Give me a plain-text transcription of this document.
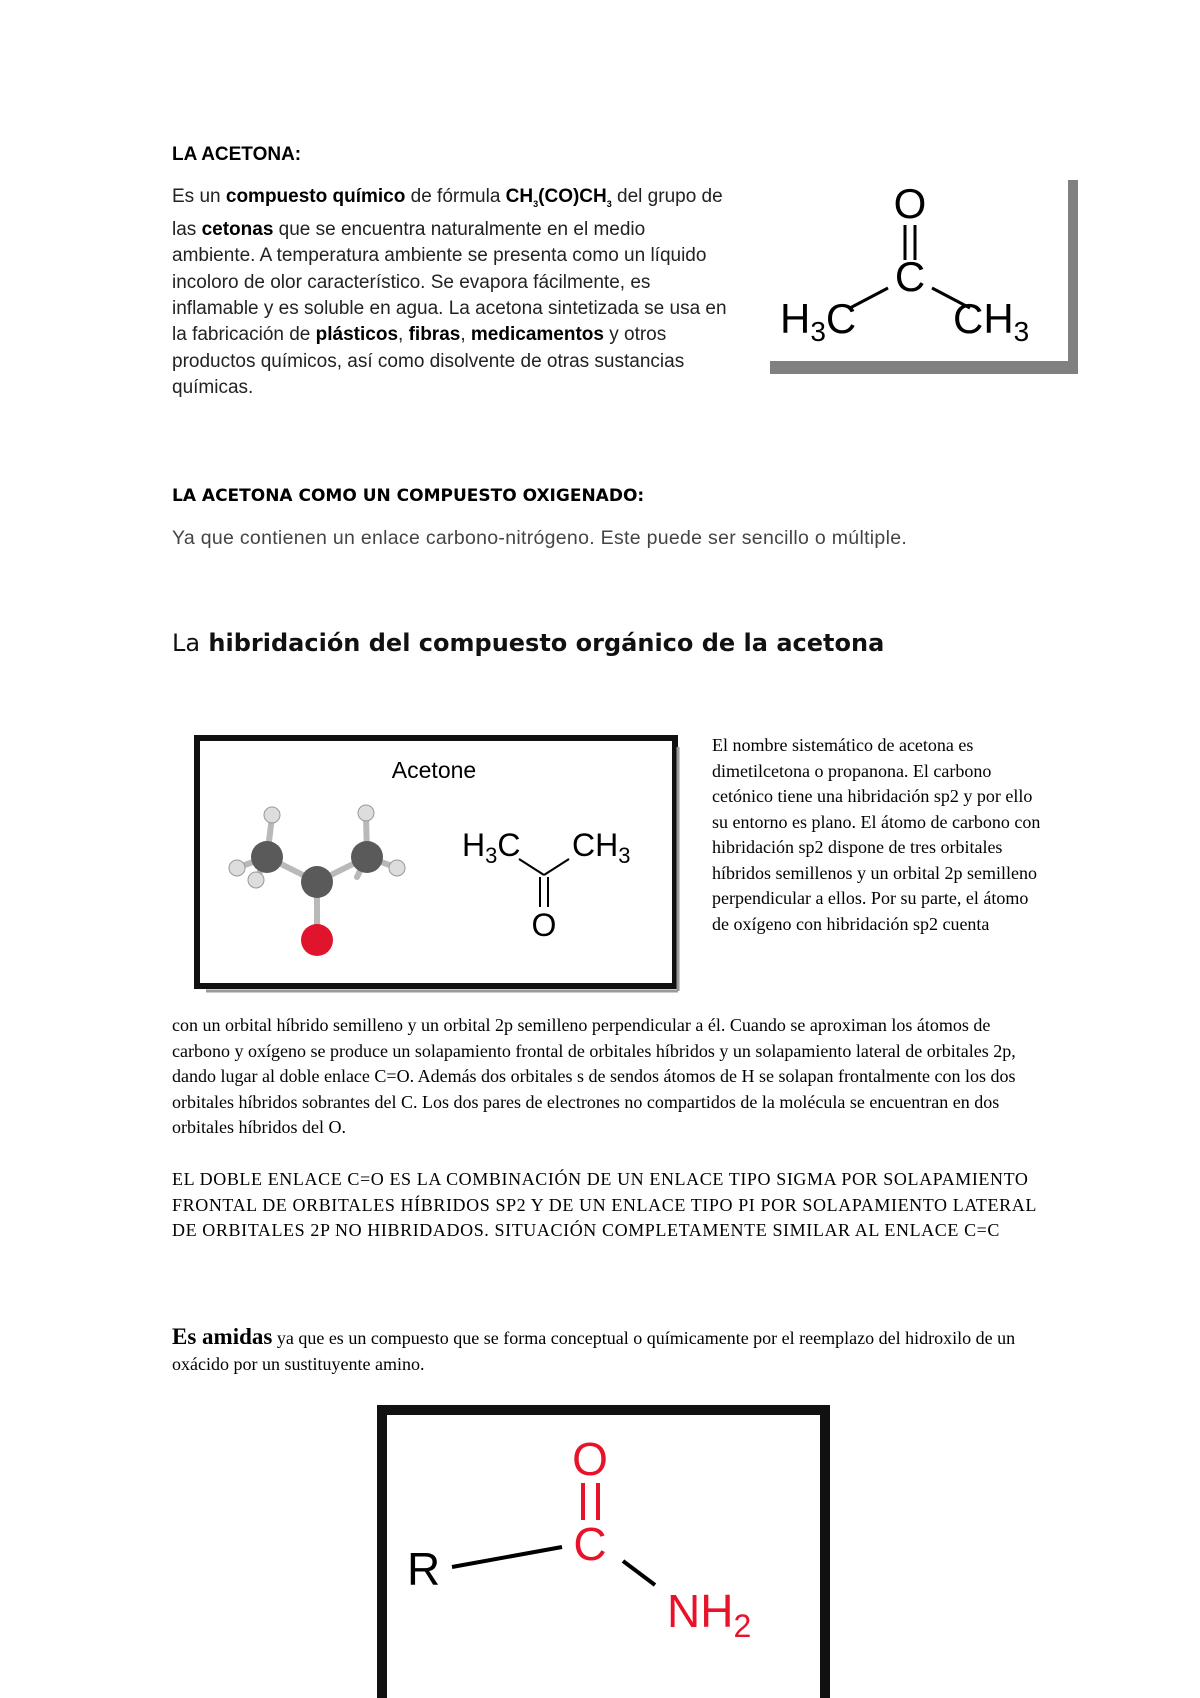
LA ACETONA:
Es un compuesto químico de fórmula $CH_3(CO)CH_3$ del grupo de las cetonas que se encuentra naturalmente en el medio ambiente. A temperatura ambiente se presenta como un líquido incoloro de olor característico. Se evapora fácilmente, es inflamable y es soluble en agua. La acetona sintetizada se usa en la fabricación de plásticos, fibras, medicamentos y otros productos químicos, así como disolvente de otras sustancias químicas.
O
C
H3C CH3
LA ACETONA COMO UN COMPUESTO OXIGENADO:
Ya que contienen un enlace carbono-nitrógeno. Este puede ser sencillo o múltiple.
La hibridación del compuesto orgánico de la acetona
Acetone
$H_3C$ $CH_3$
O
El nombre sistemático de acetona es dimetilcetona o propanona. El carbono cetónico tiene una hibridación sp2 y por ello su entorno es plano. El átomo de carbono con hibridación sp2 dispone de tres orbitales híbridos semillenos y un orbital 2p semilleno perpendicular a ellos. Por su parte, el átomo de oxígeno con hibridación sp2 cuenta
con un orbital híbrido semilleno y un orbital 2p semilleno perpendicular a él. Cuando se aproximan los átomos de carbono y oxígeno se produce un solapamiento frontal de orbitales híbridos y un solapamiento lateral de orbitales 2p, dando lugar al doble enlace C=O. Además dos orbitales s de sendos átomos de H se solapan frontalmente con los dos orbitales híbridos sobrantes del C. Los dos pares de electrones no compartidos de la molécula se encuentran en dos orbitales híbridos del O.
EL DOBLE ENLACE C=O ES LA COMBINACIÓN DE UN ENLACE TIPO SIGMA POR SOLAPAMIENTO FRONTAL DE ORBITALES HÍBRIDOS SP2 Y DE UN ENLACE TIPO PI POR SOLAPAMIENTO LATERAL DE ORBITALES 2P NO HIBRIDADOS. SITUACIÓN COMPLETAMENTE SIMILAR AL ENLACE C=C
Es amidas ya que es un compuesto que se forma conceptual o químicamente por el reemplazo del hidroxilo de un oxácido por un sustituyente amino.
O
C
R
$NH_2$
